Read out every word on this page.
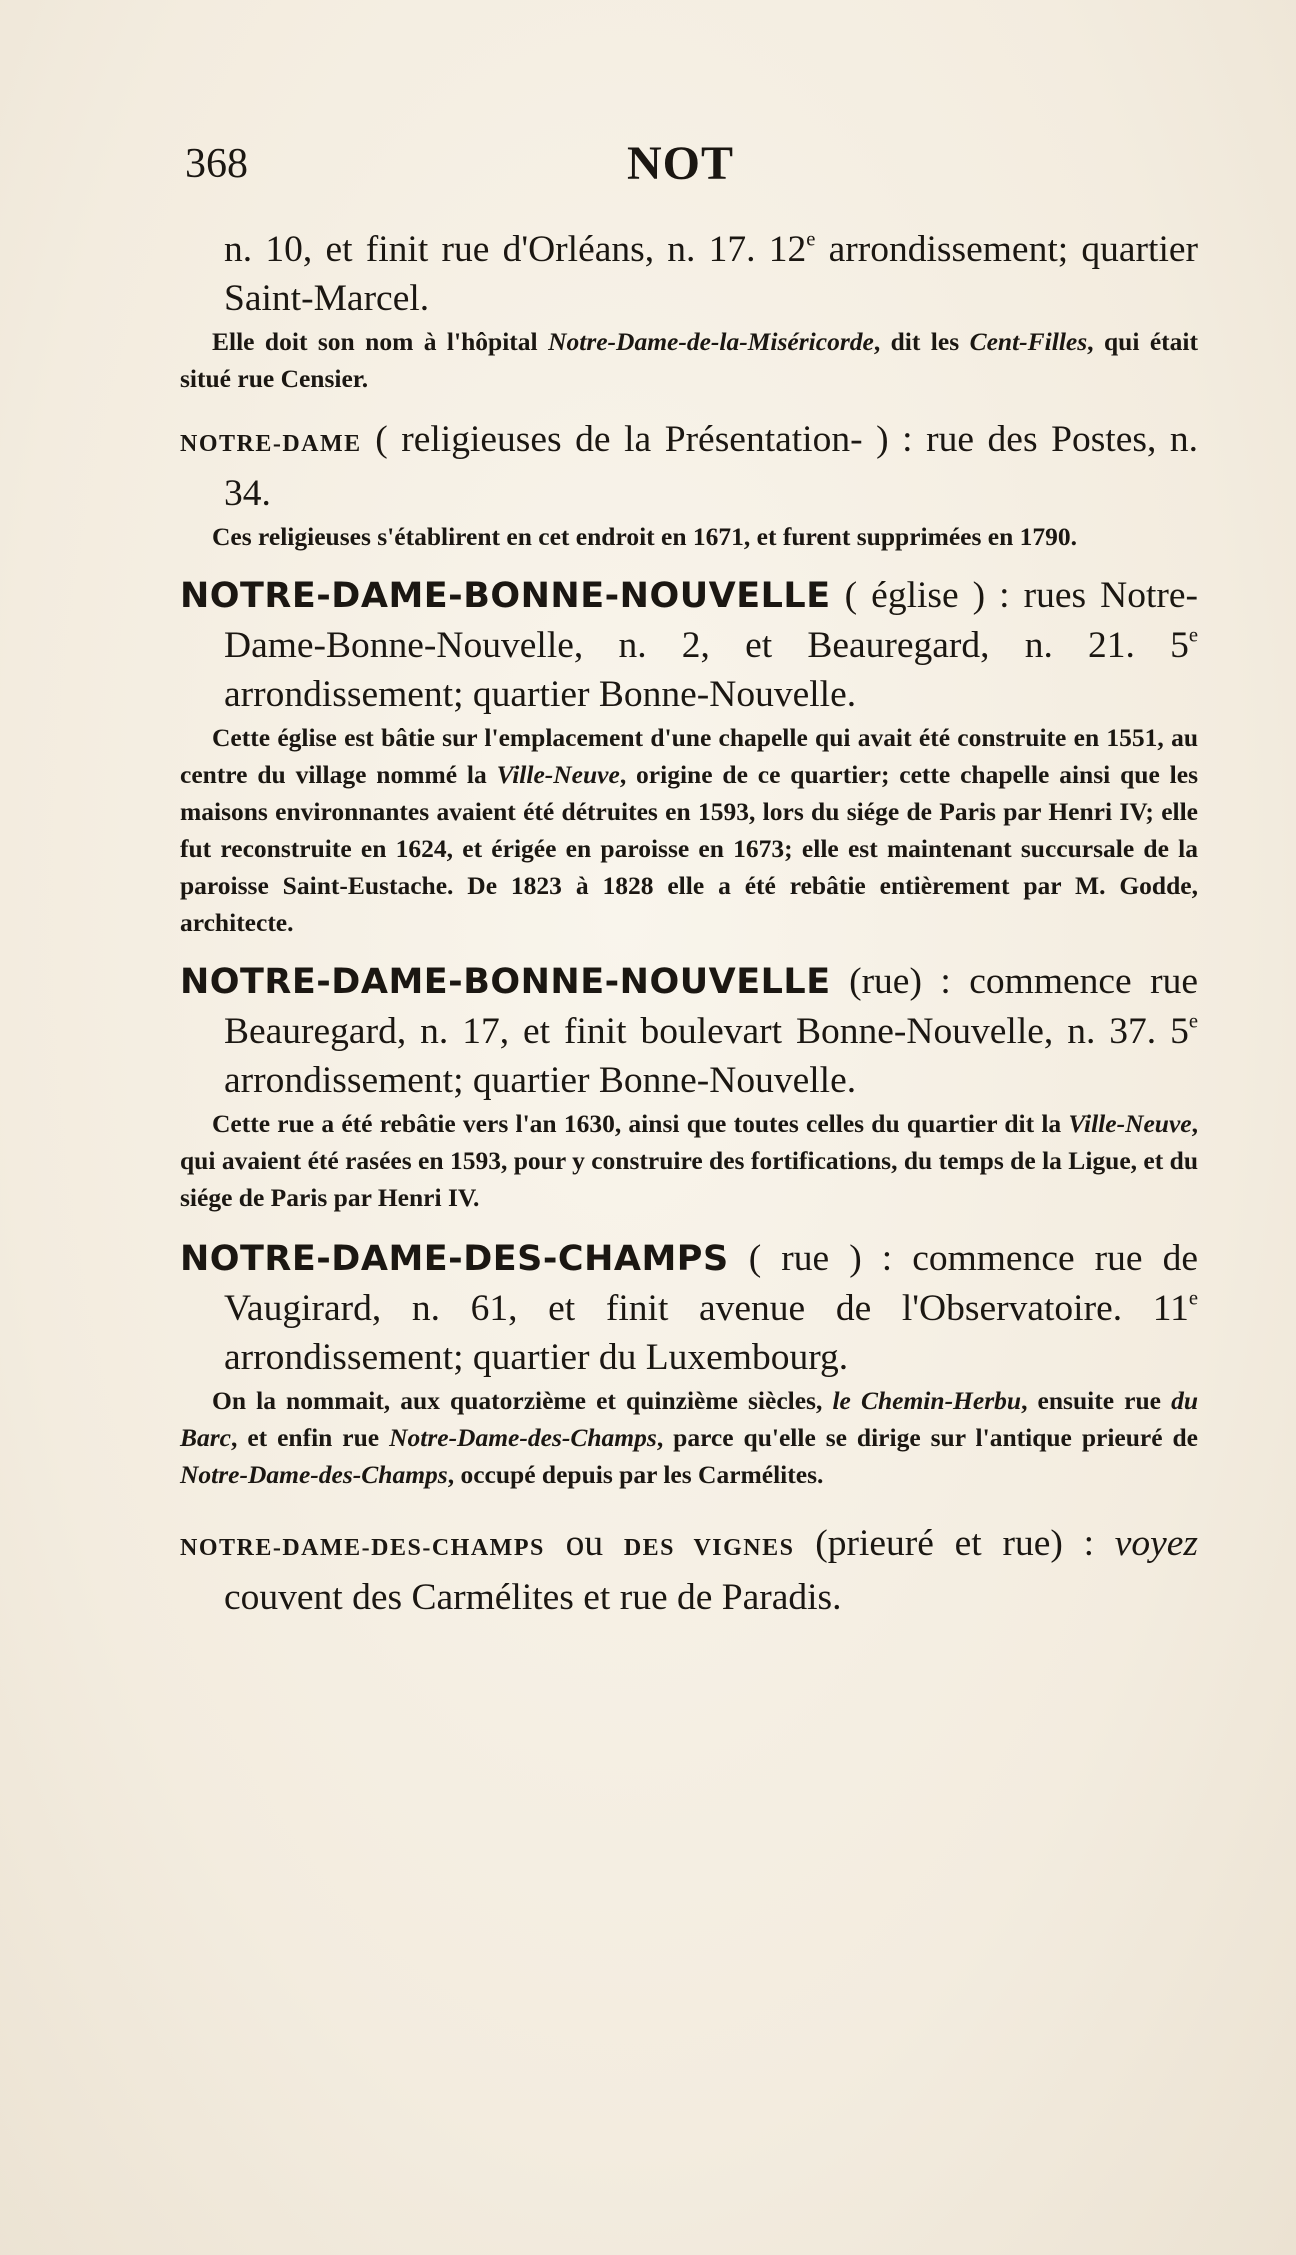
368	NOT

n. 10, et finit rue d'Orléans, n. 17. 12e arrondissement; quartier Saint-Marcel.

Elle doit son nom à l'hôpital Notre-Dame-de-la-Miséricorde, dit les Cent-Filles, qui était situé rue Censier.

NOTRE-DAME ( religieuses de la Présentation- ) : rue des Postes, n. 34.

Ces religieuses s'établirent en cet endroit en 1671, et furent supprimées en 1790.

NOTRE-DAME-BONNE-NOUVELLE ( église ) : rues Notre-Dame-Bonne-Nouvelle, n. 2, et Beauregard, n. 21. 5e arrondissement; quartier Bonne-Nouvelle.

Cette église est bâtie sur l'emplacement d'une chapelle qui avait été construite en 1551, au centre du village nommé la Ville-Neuve, origine de ce quartier; cette chapelle ainsi que les maisons environnantes avaient été détruites en 1593, lors du siége de Paris par Henri IV; elle fut reconstruite en 1624, et érigée en paroisse en 1673; elle est maintenant succursale de la paroisse Saint-Eustache. De 1823 à 1828 elle a été rebâtie entièrement par M. Godde, architecte.

NOTRE-DAME-BONNE-NOUVELLE (rue) : commence rue Beauregard, n. 17, et finit boulevart Bonne-Nouvelle, n. 37. 5e arrondissement; quartier Bonne-Nouvelle.

Cette rue a été rebâtie vers l'an 1630, ainsi que toutes celles du quartier dit la Ville-Neuve, qui avaient été rasées en 1593, pour y construire des fortifications, du temps de la Ligue, et du siége de Paris par Henri IV.

NOTRE-DAME-DES-CHAMPS ( rue ) : commence rue de Vaugirard, n. 61, et finit avenue de l'Observatoire. 11e arrondissement; quartier du Luxembourg.

On la nommait, aux quatorzième et quinzième siècles, le Chemin-Herbu, ensuite rue du Barc, et enfin rue Notre-Dame-des-Champs, parce qu'elle se dirige sur l'antique prieuré de Notre-Dame-des-Champs, occupé depuis par les Carmélites.

NOTRE-DAME-DES-CHAMPS ou DES VIGNES (prieuré et rue) : voyez couvent des Carmélites et rue de Paradis.
